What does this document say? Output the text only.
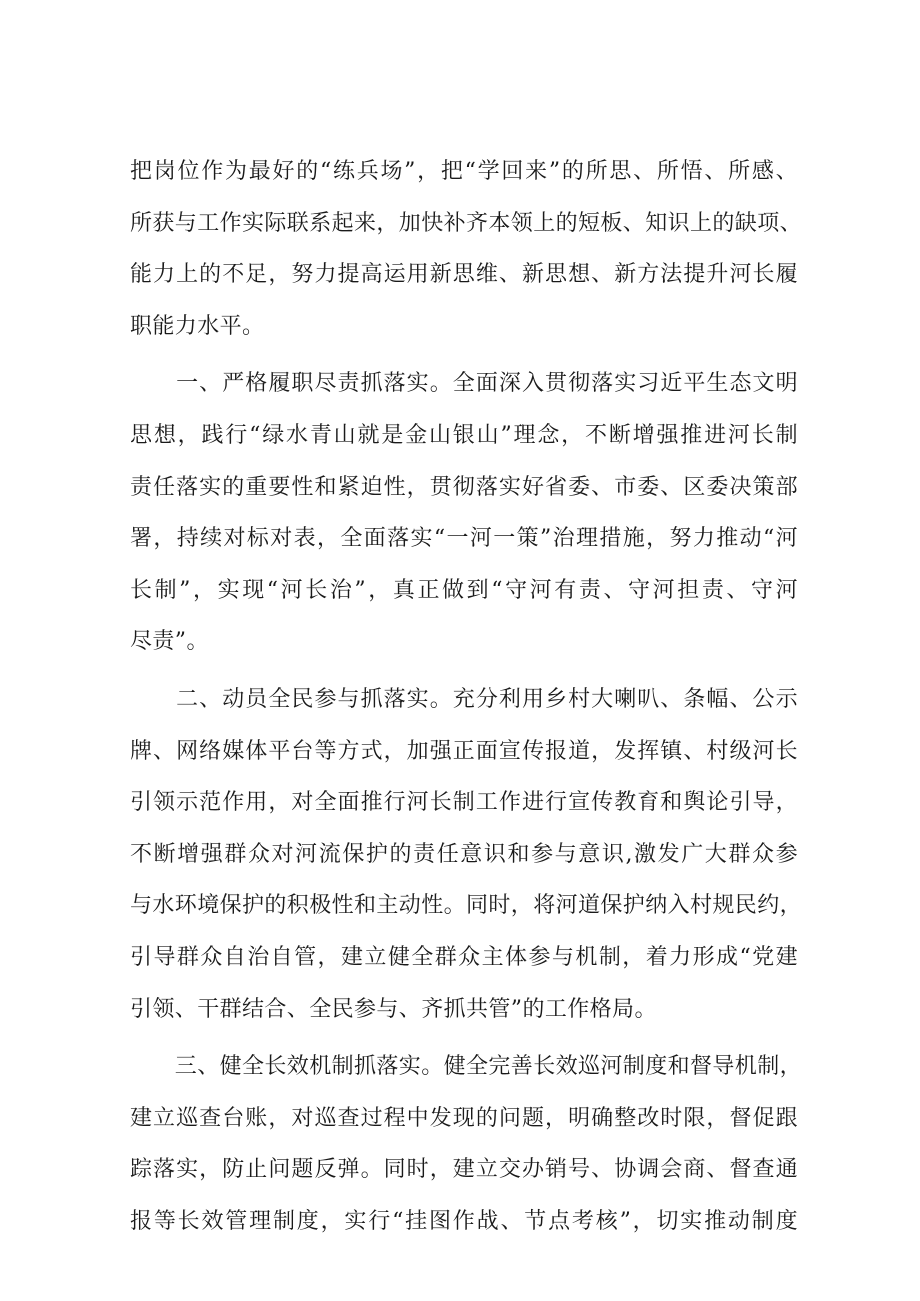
把岗位作为最好的“练兵场”，把“学回来”的所思、所悟、所感、
所获与工作实际联系起来，加快补齐本领上的短板、知识上的缺项、
能力上的不足，努力提高运用新思维、新思想、新方法提升河长履
职能力水平。
　　一、严格履职尽责抓落实。全面深入贯彻落实习近平生态文明
思想，践行“绿水青山就是金山银山”理念，不断增强推进河长制
责任落实的重要性和紧迫性，贯彻落实好省委、市委、区委决策部
署，持续对标对表，全面落实“一河一策”治理措施，努力推动“河
长制”，实现“河长治”，真正做到“守河有责、守河担责、守河
尽责”。
　　二、动员全民参与抓落实。充分利用乡村大喇叭、条幅、公示
牌、网络媒体平台等方式，加强正面宣传报道，发挥镇、村级河长
引领示范作用，对全面推行河长制工作进行宣传教育和舆论引导，
不断增强群众对河流保护的责任意识和参与意识,激发广大群众参
与水环境保护的积极性和主动性。同时，将河道保护纳入村规民约，
引导群众自治自管，建立健全群众主体参与机制，着力形成“党建
引领、干群结合、全民参与、齐抓共管”的工作格局。
　　三、健全长效机制抓落实。健全完善长效巡河制度和督导机制，
建立巡查台账，对巡查过程中发现的问题，明确整改时限，督促跟
踪落实，防止问题反弹。同时，建立交办销号、协调会商、督查通
报等长效管理制度，实行“挂图作战、节点考核”，切实推动制度
